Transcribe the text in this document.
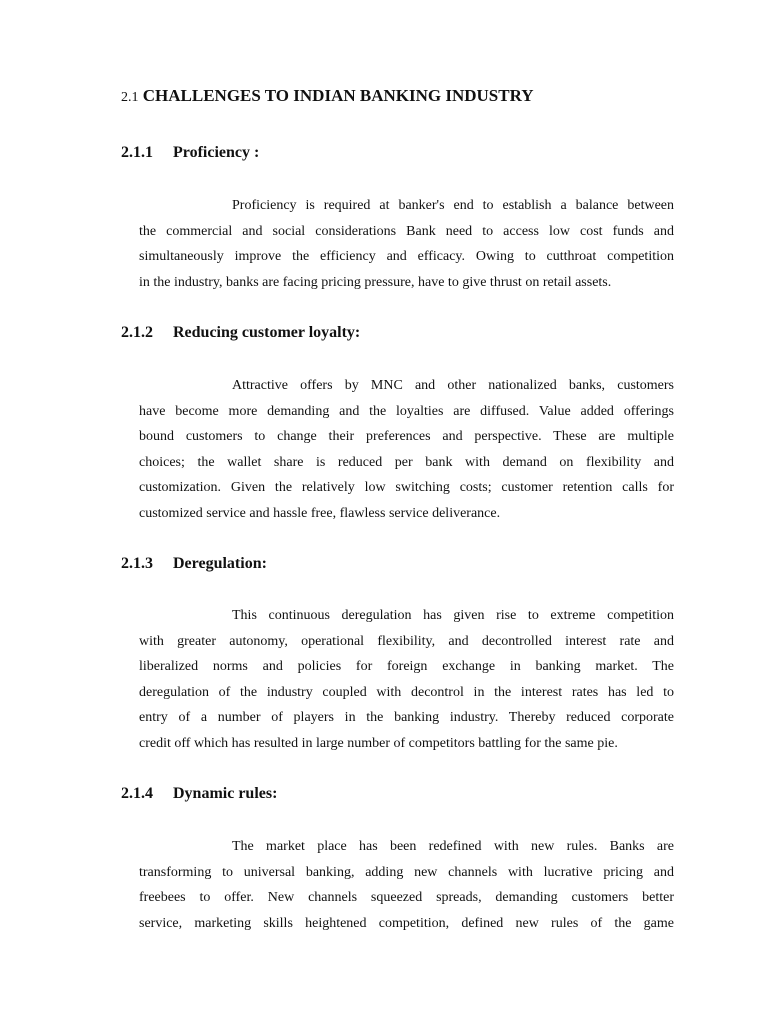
2.1 CHALLENGES TO INDIAN BANKING INDUSTRY
2.1.1 Proficiency :
Proficiency is required at banker's end to establish a balance between
the commercial and social considerations Bank need to access low cost funds and
simultaneously improve the efficiency and efficacy. Owing to cutthroat competition
in the industry, banks are facing pricing pressure, have to give thrust on retail assets.
2.1.2 Reducing customer loyalty:
Attractive offers by MNC and other nationalized banks, customers
have become more demanding and the loyalties are diffused. Value added offerings
bound customers to change their preferences and perspective. These are multiple
choices; the wallet share is reduced per bank with demand on flexibility and
customization. Given the relatively low switching costs; customer retention calls for
customized service and hassle free, flawless service deliverance.
2.1.3 Deregulation:
This continuous deregulation has given rise to extreme competition
with greater autonomy, operational flexibility, and decontrolled interest rate and
liberalized norms and policies for foreign exchange in banking market. The
deregulation of the industry coupled with decontrol in the interest rates has led to
entry of a number of players in the banking industry. Thereby reduced corporate
credit off which has resulted in large number of competitors battling for the same pie.
2.1.4 Dynamic rules:
The market place has been redefined with new rules. Banks are
transforming to universal banking, adding new channels with lucrative pricing and
freebees to offer. New channels squeezed spreads, demanding customers better
service, marketing skills heightened competition, defined new rules of the game
